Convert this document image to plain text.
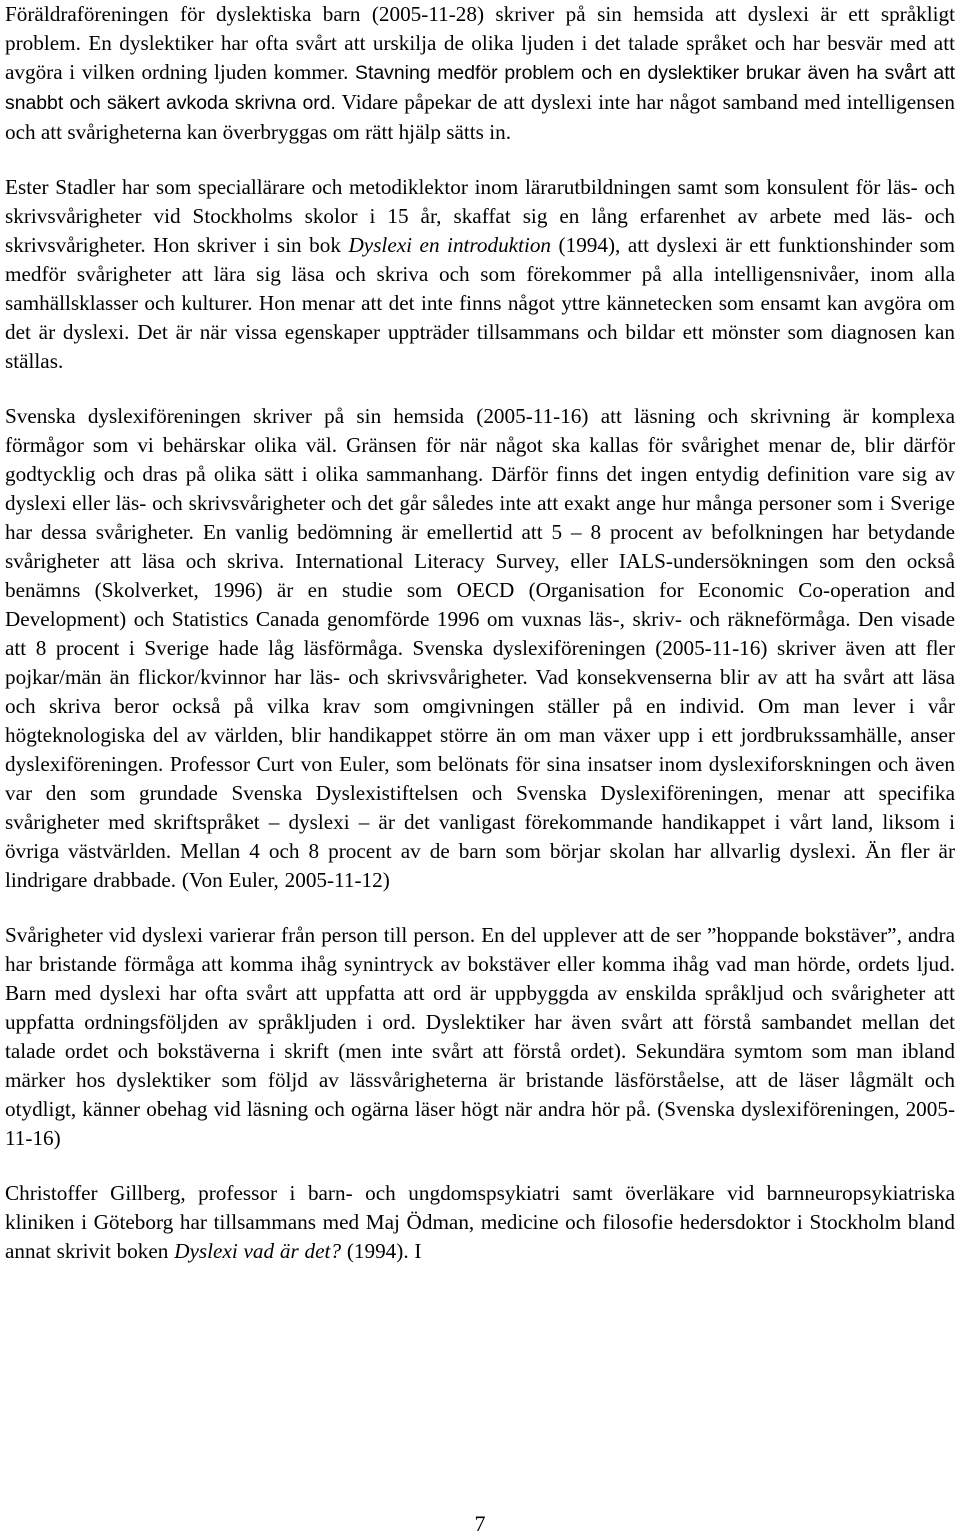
Föräldraföreningen för dyslektiska barn (2005-11-28) skriver på sin hemsida att dyslexi är ett språkligt problem. En dyslektiker har ofta svårt att urskilja de olika ljuden i det talade språket och har besvär med att avgöra i vilken ordning ljuden kommer. Stavning medför problem och en dyslektiker brukar även ha svårt att snabbt och säkert avkoda skrivna ord. Vidare påpekar de att dyslexi inte har något samband med intelligensen och att svårigheterna kan överbryggas om rätt hjälp sätts in.

Ester Stadler har som speciallärare och metodiklektor inom lärarutbildningen samt som konsulent för läs- och skrivsvårigheter vid Stockholms skolor i 15 år, skaffat sig en lång erfarenhet av arbete med läs- och skrivsvårigheter. Hon skriver i sin bok Dyslexi en introduktion (1994), att dyslexi är ett funktionshinder som medför svårigheter att lära sig läsa och skriva och som förekommer på alla intelligensnivåer, inom alla samhällsklasser och kulturer. Hon menar att det inte finns något yttre kännetecken som ensamt kan avgöra om det är dyslexi. Det är när vissa egenskaper uppträder tillsammans och bildar ett mönster som diagnosen kan ställas.

Svenska dyslexiföreningen skriver på sin hemsida (2005-11-16) att läsning och skrivning är komplexa förmågor som vi behärskar olika väl. Gränsen för när något ska kallas för svårighet menar de, blir därför godtycklig och dras på olika sätt i olika sammanhang. Därför finns det ingen entydig definition vare sig av dyslexi eller läs- och skrivsvårigheter och det går således inte att exakt ange hur många personer som i Sverige har dessa svårigheter. En vanlig bedömning är emellertid att 5 – 8 procent av befolkningen har betydande svårigheter att läsa och skriva. International Literacy Survey, eller IALS-undersökningen som den också benämns (Skolverket, 1996) är en studie som OECD (Organisation for Economic Co-operation and Development) och Statistics Canada genomförde 1996 om vuxnas läs-, skriv- och räkneförmåga. Den visade att 8 procent i Sverige hade låg läsförmåga. Svenska dyslexiföreningen (2005-11-16) skriver även att fler pojkar/män än flickor/kvinnor har läs- och skrivsvårigheter. Vad konsekvenserna blir av att ha svårt att läsa och skriva beror också på vilka krav som omgivningen ställer på en individ. Om man lever i vår högteknologiska del av världen, blir handikappet större än om man växer upp i ett jordbrukssamhälle, anser dyslexiföreningen. Professor Curt von Euler, som belönats för sina insatser inom dyslexiforskningen och även var den som grundade Svenska Dyslexistiftelsen och Svenska Dyslexiföreningen, menar att specifika svårigheter med skriftspråket – dyslexi – är det vanligast förekommande handikappet i vårt land, liksom i övriga västvärlden. Mellan 4 och 8 procent av de barn som börjar skolan har allvarlig dyslexi. Än fler är lindrigare drabbade. (Von Euler, 2005-11-12)

Svårigheter vid dyslexi varierar från person till person. En del upplever att de ser ”hoppande bokstäver”, andra har bristande förmåga att komma ihåg synintryck av bokstäver eller komma ihåg vad man hörde, ordets ljud. Barn med dyslexi har ofta svårt att uppfatta att ord är uppbyggda av enskilda språkljud och svårigheter att uppfatta ordningsföljden av språkljuden i ord. Dyslektiker har även svårt att förstå sambandet mellan det talade ordet och bokstäverna i skrift (men inte svårt att förstå ordet). Sekundära symtom som man ibland märker hos dyslektiker som följd av lässvårigheterna är bristande läsförståelse, att de läser lågmält och otydligt, känner obehag vid läsning och ogärna läser högt när andra hör på. (Svenska dyslexiföreningen, 2005-11-16)

Christoffer Gillberg, professor i barn- och ungdomspsykiatri samt överläkare vid barnneuropsykiatriska kliniken i Göteborg har tillsammans med Maj Ödman, medicine och filosofie hedersdoktor i Stockholm bland annat skrivit boken Dyslexi vad är det? (1994). I

7
